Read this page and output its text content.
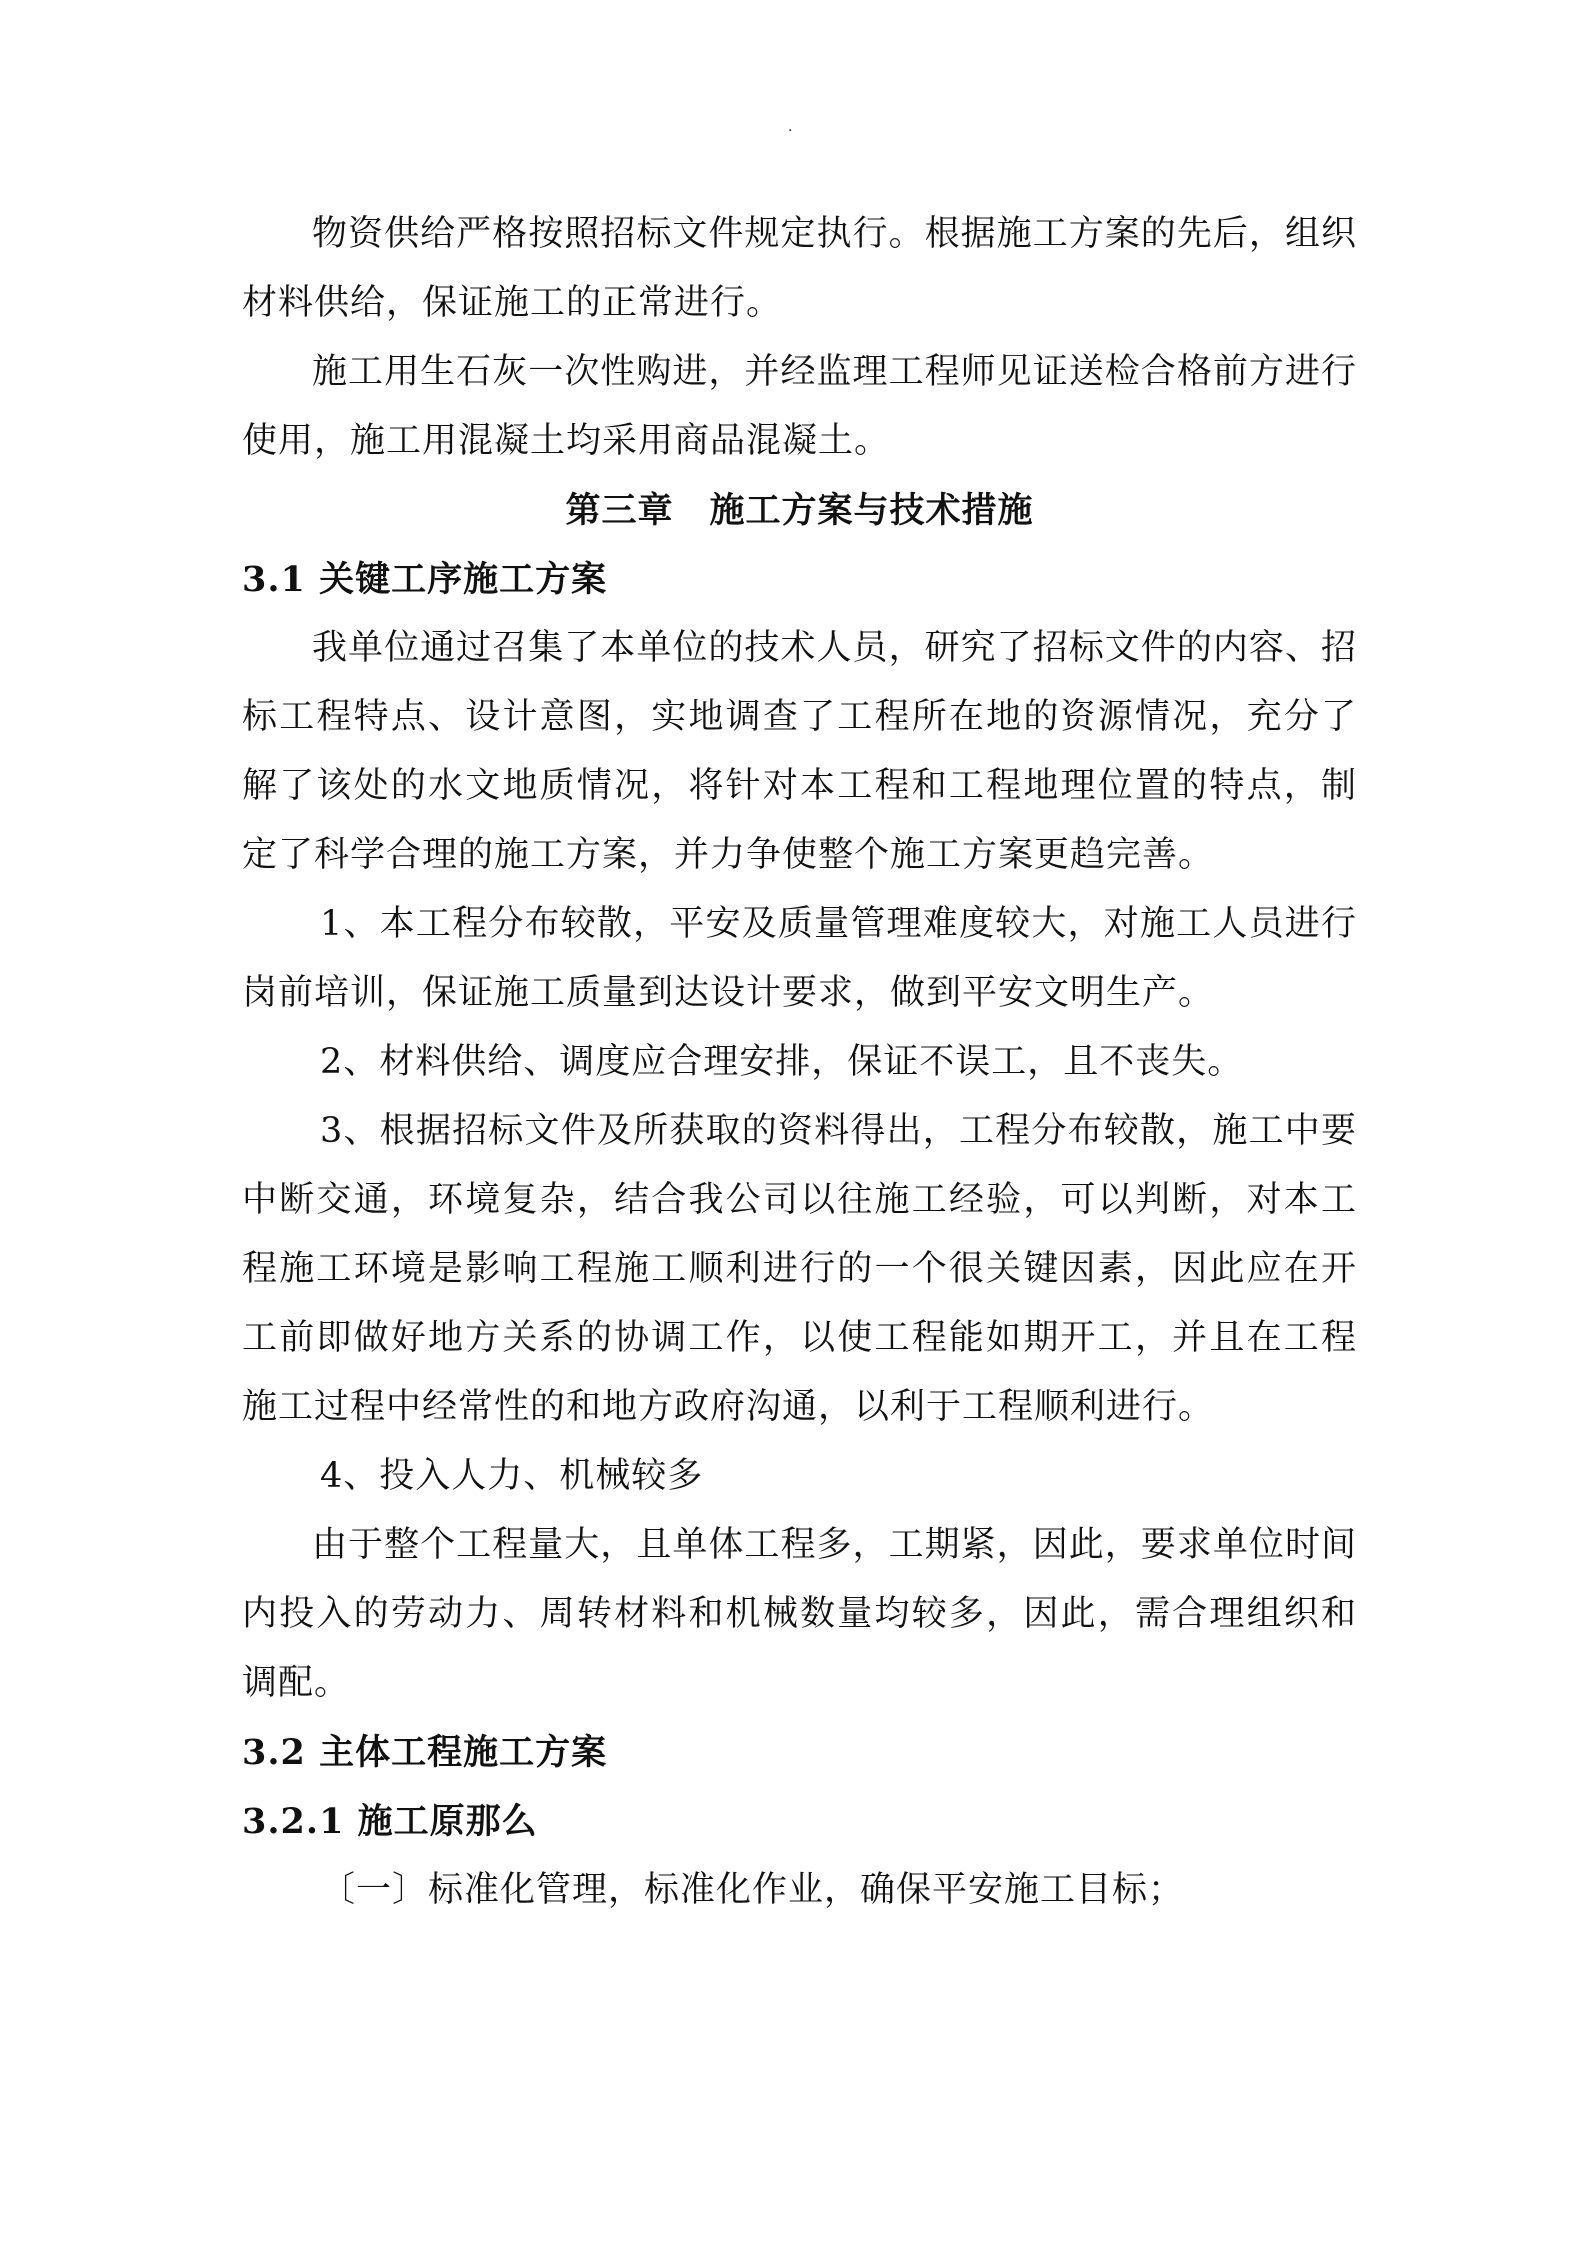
.

物资供给严格按照招标文件规定执行。根据施工方案的先后，组织材料供给，保证施工的正常进行。

施工用生石灰一次性购进，并经监理工程师见证送检合格前方进行使用，施工用混凝土均采用商品混凝土。

第三章　施工方案与技术措施

3.1 关键工序施工方案

我单位通过召集了本单位的技术人员，研究了招标文件的内容、招标工程特点、设计意图，实地调查了工程所在地的资源情况，充分了解了该处的水文地质情况，将针对本工程和工程地理位置的特点，制定了科学合理的施工方案，并力争使整个施工方案更趋完善。

1、本工程分布较散，平安及质量管理难度较大，对施工人员进行岗前培训，保证施工质量到达设计要求，做到平安文明生产。

2、材料供给、调度应合理安排，保证不误工，且不丧失。

3、根据招标文件及所获取的资料得出，工程分布较散，施工中要中断交通，环境复杂，结合我公司以往施工经验，可以判断，对本工程施工环境是影响工程施工顺利进行的一个很关键因素，因此应在开工前即做好地方关系的协调工作，以使工程能如期开工，并且在工程施工过程中经常性的和地方政府沟通，以利于工程顺利进行。

4、投入人力、机械较多

由于整个工程量大，且单体工程多，工期紧，因此，要求单位时间内投入的劳动力、周转材料和机械数量均较多，因此，需合理组织和调配。

3.2 主体工程施工方案

3.2.1 施工原那么

〔一〕标准化管理，标准化作业，确保平安施工目标；
